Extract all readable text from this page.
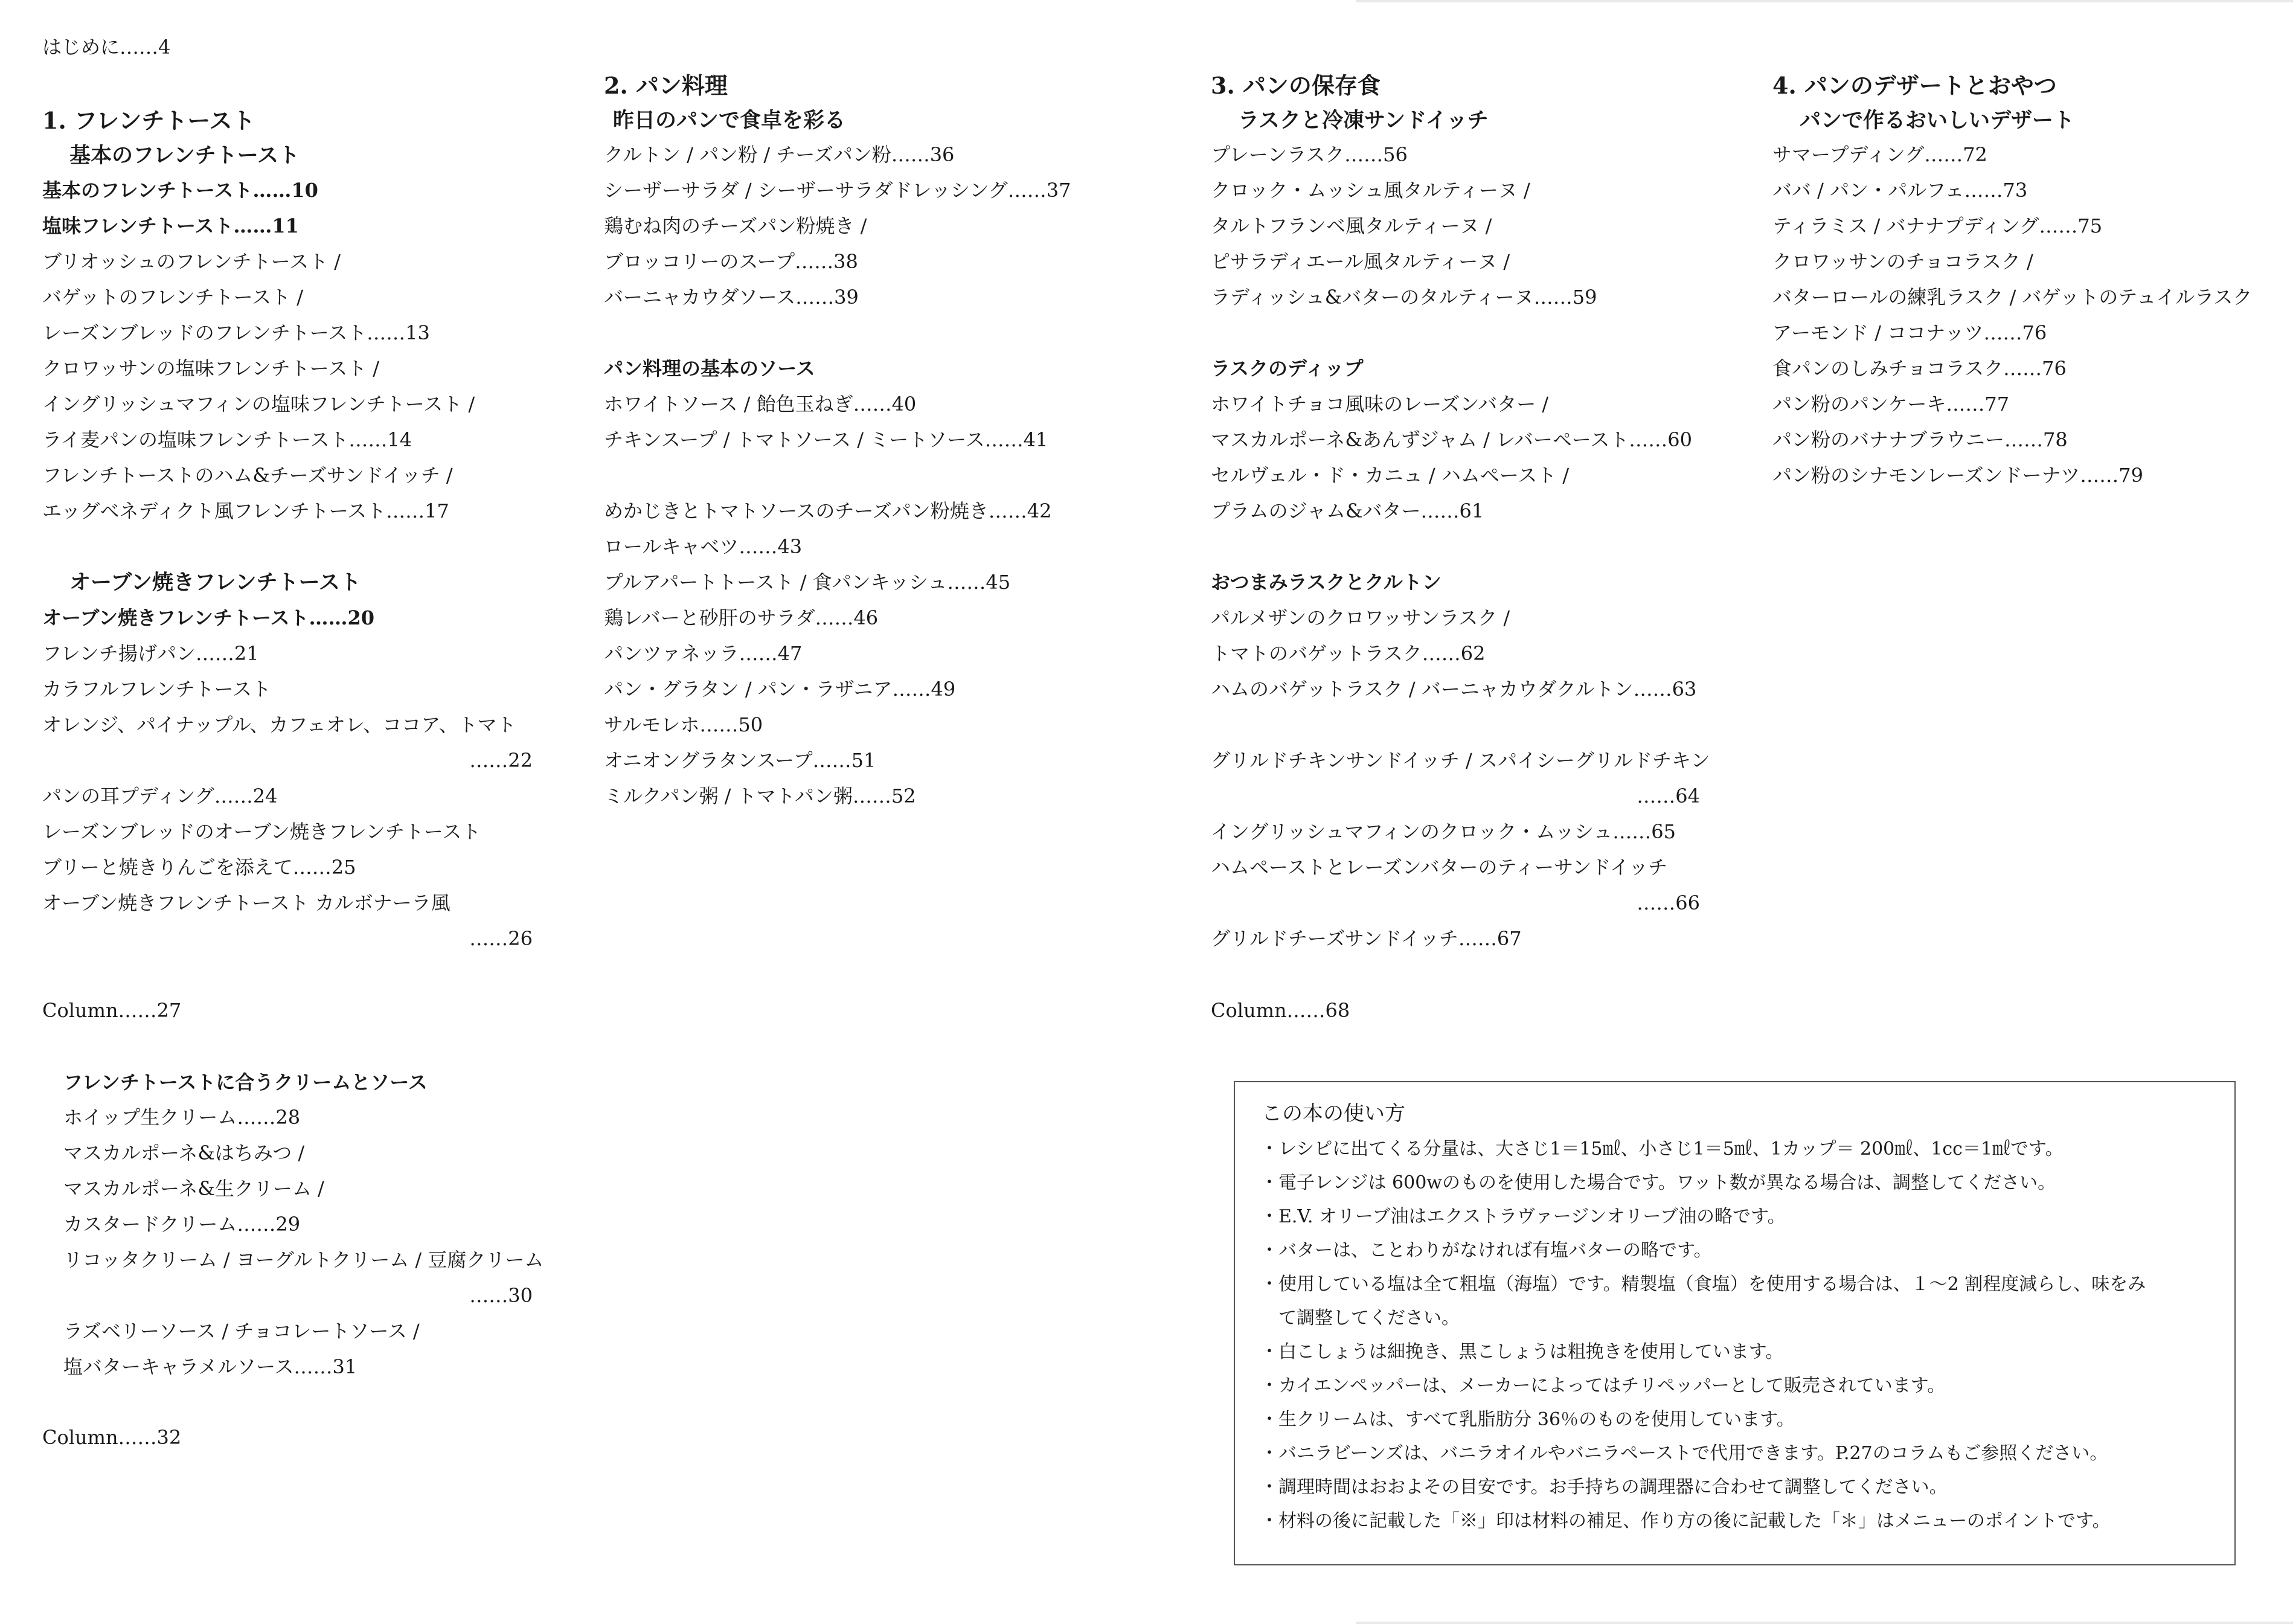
はじめに……4
1. フレンチトースト
基本のフレンチトースト
基本のフレンチトースト……10
塩味フレンチトースト……11
ブリオッシュのフレンチトースト /
バゲットのフレンチトースト /
レーズンブレッドのフレンチトースト……13
クロワッサンの塩味フレンチトースト /
イングリッシュマフィンの塩味フレンチトースト /
ライ麦パンの塩味フレンチトースト……14
フレンチトーストのハム&チーズサンドイッチ /
エッグベネディクト風フレンチトースト……17
オーブン焼きフレンチトースト
オーブン焼きフレンチトースト……20
フレンチ揚げパン……21
カラフルフレンチトースト
オレンジ、パイナップル、カフェオレ、ココア、トマト
……22
パンの耳プディング……24
レーズンブレッドのオーブン焼きフレンチトースト
ブリーと焼きりんごを添えて……25
オーブン焼きフレンチトースト カルボナーラ風
……26
2. パン料理
昨日のパンで食卓を彩る
クルトン / パン粉 / チーズパン粉……36
シーザーサラダ / シーザーサラダドレッシング……37
鶏むね肉のチーズパン粉焼き /
ブロッコリーのスープ……38
バーニャカウダソース……39
パン料理の基本のソース
ホワイトソース / 飴色玉ねぎ……40
チキンスープ / トマトソース / ミートソース……41
めかじきとトマトソースのチーズパン粉焼き……42
ロールキャベツ……43
プルアパートトースト / 食パンキッシュ……45
鶏レバーと砂肝のサラダ……46
パンツァネッラ……47
パン・グラタン / パン・ラザニア……49
サルモレホ……50
オニオングラタンスープ……51
ミルクパン粥 / トマトパン粥……52
3. パンの保存食
ラスクと冷凍サンドイッチ
プレーンラスク……56
クロック・ムッシュ風タルティーヌ /
タルトフランベ風タルティーヌ /
ピサラディエール風タルティーヌ /
ラディッシュ&バターのタルティーヌ……59
ラスクのディップ
ホワイトチョコ風味のレーズンバター /
マスカルポーネ&あんずジャム / レバーペースト……60
セルヴェル・ド・カニュ / ハムペースト /
プラムのジャム&バター……61
おつまみラスクとクルトン
パルメザンのクロワッサンラスク /
トマトのバゲットラスク……62
ハムのバゲットラスク / バーニャカウダクルトン……63
グリルドチキンサンドイッチ / スパイシーグリルドチキン
……64
イングリッシュマフィンのクロック・ムッシュ……65
ハムペーストとレーズンバターのティーサンドイッチ
……66
グリルドチーズサンドイッチ……67
4. パンのデザートとおやつ
パンで作るおいしいデザート
サマープディング……72
ババ / パン・パルフェ……73
ティラミス / バナナプディング……75
クロワッサンのチョコラスク /
バターロールの練乳ラスク / バゲットのテュイルラスク
アーモンド / ココナッツ……76
食パンのしみチョコラスク……76
パン粉のパンケーキ……77
パン粉のバナナブラウニー……78
パン粉のシナモンレーズンドーナツ……79
Column……27	Column……68
Column……32
フレンチトーストに合うクリームとソース
ホイップ生クリーム……28
マスカルポーネ&はちみつ /
マスカルポーネ&生クリーム /
カスタードクリーム……29
リコッタクリーム / ヨーグルトクリーム / 豆腐クリーム
……30
ラズベリーソース / チョコレートソース /
塩バターキャラメルソース……31
この本の使い方
・レシピに出てくる分量は、大さじ1＝15㎖、小さじ1＝5㎖、1カップ＝ 200㎖、1cc＝1㎖です。
・電子レンジは 600wのものを使用した場合です。ワット数が異なる場合は、調整してください。
・E.V. オリーブ油はエクストラヴァージンオリーブ油の略です。
・バターは、ことわりがなければ有塩バターの略です。
・使用している塩は全て粗塩（海塩）です。精製塩（食塩）を使用する場合は、１～2 割程度減らし、味をみ
　て調整してください。
・白こしょうは細挽き、黒こしょうは粗挽きを使用しています。
・カイエンペッパーは、メーカーによってはチリペッパーとして販売されています。
・生クリームは、すべて乳脂肪分 36％のものを使用しています。
・バニラビーンズは、バニラオイルやバニラペーストで代用できます。P.27のコラムもご参照ください。
・調理時間はおおよその目安です。お手持ちの調理器に合わせて調整してください。
・材料の後に記載した「※」印は材料の補足、作り方の後に記載した「＊」はメニューのポイントです。
